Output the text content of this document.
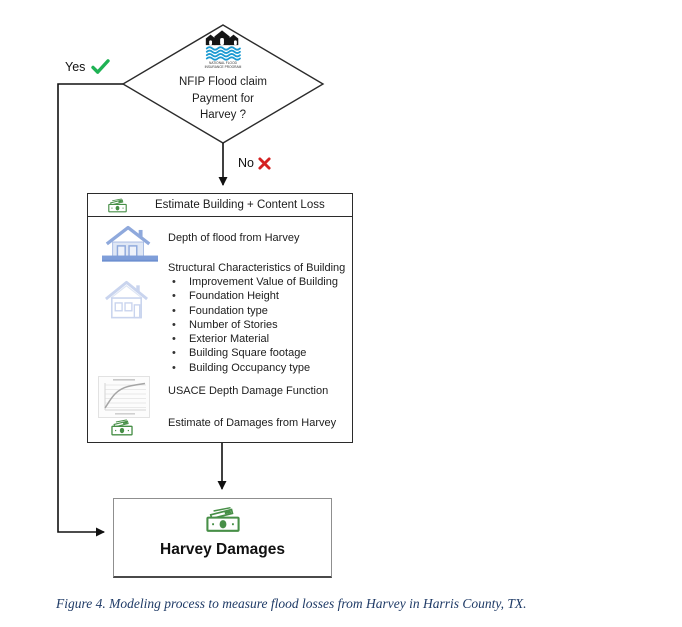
NATIONAL FLOOD
INSURANCE PROGRAM
NFIP Flood claim
Payment for
Harvey ?
Yes
No
Estimate Building + Content Loss
Depth of flood from Harvey
Structural Characteristics of Building
• Improvement Value of Building
• Foundation Height
• Foundation type
• Number of Stories
• Exterior Material
• Building Square footage
• Building Occupancy type
USACE Depth Damage Function
Estimate of Damages from Harvey
Harvey Damages
Figure 4. Modeling process to measure flood losses from Harvey in Harris County, TX.
